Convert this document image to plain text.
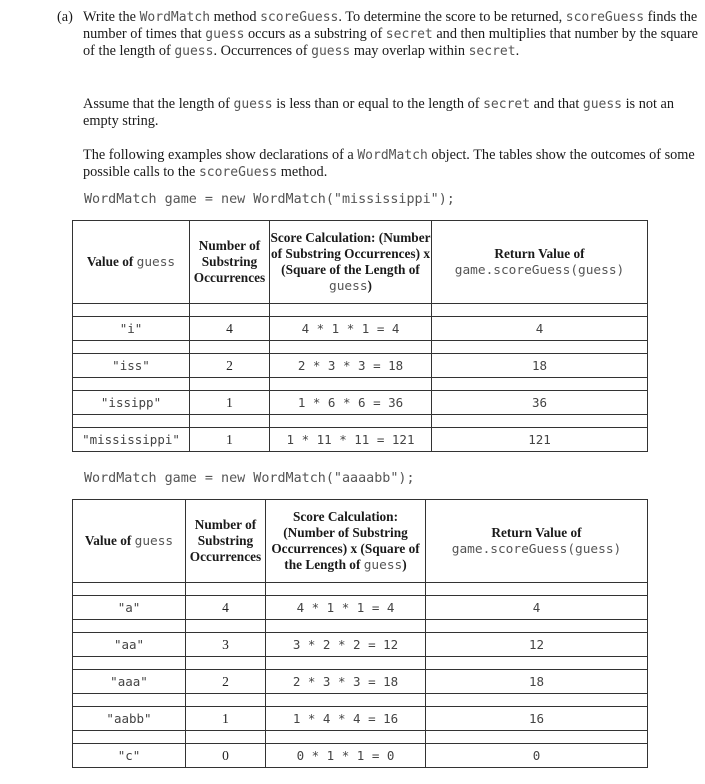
(a) Write the WordMatch method scoreGuess. To determine the score to be returned, scoreGuess finds the number of times that guess occurs as a substring of secret and then multiplies that number by the square of the length of guess. Occurrences of guess may overlap within secret.
Assume that the length of guess is less than or equal to the length of secret and that guess is not an empty string.
The following examples show declarations of a WordMatch object. The tables show the outcomes of some possible calls to the scoreGuess method.
WordMatch game = new WordMatch("mississippi");
Value of guess	Number of Substring Occurrences	Score Calculation: (Number of Substring Occurrences) x (Square of the Length of guess)	Return Value of
game.scoreGuess(guess)

"i"	4	4 * 1 * 1 = 4	4

"iss"	2	2 * 3 * 3 = 18	18

"issipp"	1	1 * 6 * 6 = 36	36

"mississippi"	1	1 * 11 * 11 = 121	121
WordMatch game = new WordMatch("aaaabb");
Value of guess	Number of Substring Occurrences	Score Calculation: (Number of Substring Occurrences) x (Square of the Length of guess)	Return Value of
game.scoreGuess(guess)

"a"	4	4 * 1 * 1 = 4	4

"aa"	3	3 * 2 * 2 = 12	12

"aaa"	2	2 * 3 * 3 = 18	18

"aabb"	1	1 * 4 * 4 = 16	16

"c"	0	0 * 1 * 1 = 0	0
